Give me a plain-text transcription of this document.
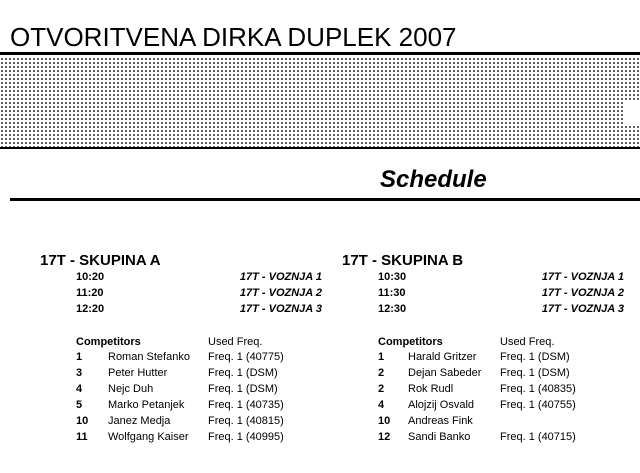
OTVORITVENA DIRKA DUPLEK 2007
Schedule
17T - SKUPINA A
10:20	17T - VOZNJA 1
11:20	17T - VOZNJA 2
12:20	17T - VOZNJA 3
Competitors	Used Freq.
1 Roman Stefanko Freq. 1 (40775)
3 Peter Hutter	Freq. 1 (DSM)
4 Nejc Duh	Freq. 1 (DSM)
5 Marko Petanjek Freq. 1 (40735)
10 Janez Medja	Freq. 1 (40815)
11 Wolfgang Kaiser Freq. 1 (40995)
17T - SKUPINA B
10:30	17T - VOZNJA 1
11:30	17T - VOZNJA 2
12:30	17T - VOZNJA 3
Competitors	Used Freq.
1 Harald Gritzer Freq. 1 (DSM)
2 Dejan Sabeder Freq. 1 (DSM)
2 Rok Rudl	Freq. 1 (40835)
4 Alojzij Osvald Freq. 1 (40755)
10 Andreas Fink
12 Sandi Banko	Freq. 1 (40715)
